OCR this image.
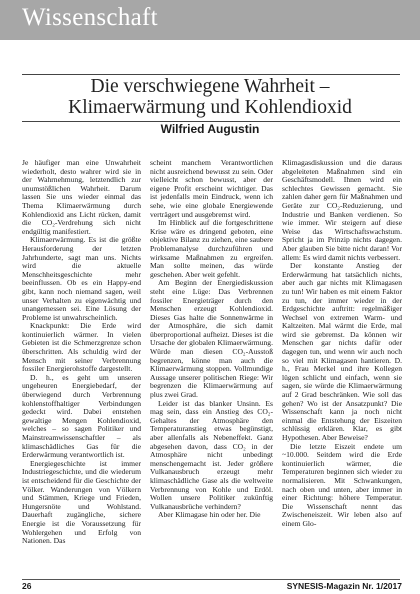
Wissenschaft
Die verschwiegene Wahrheit –
Klimaerwärmung und Kohlendioxid
Wilfried Augustin

Je häufiger man eine Unwahrheit wiederholt, desto wahrer wird sie in der Wahrnehmung, letztendlich zur unumstößlichen Wahrheit. Darum lassen Sie uns wieder einmal das Thema Klimaerwärmung durch Kohlendioxid ans Licht rücken, damit die CO₂-Verdrehung sich nicht endgültig manifestiert.

Klimaerwärmung. Es ist die größte Herausforderung der letzten Jahrhunderte, sagt man uns. Nichts wird die aktuelle Menschheitsgeschichte mehr beeinflussen. Ob es ein Happy-end gibt, kann noch niemand sagen, weil unser Verhalten zu eigenwächtig und unangemessen sei. Eine Lösung der Probleme ist unwahrscheinlich.

Knackpunkt: Die Erde wird kontinuierlich wärmer. In vielen Gebieten ist die Schmerzgrenze schon überschritten. Als schuldig wird der Mensch mit seiner Verbrennung fossiler Energierohstoffe dargestellt.

D. h., es geht um unseren ungeheuren Energiebedarf, der überwiegend durch Verbrennung kohlenstoffhaltiger Verbindungen gedeckt wird. Dabei entstehen gewaltige Mengen Kohlendioxid, welches – so sagen Politiker und Mainstreamwissenschaftler – als klimaschädliches Gas für die Erderwärmung verantwortlich ist.

Energiegeschichte ist immer Industriegeschichte, und die wiederum ist entscheidend für die Geschichte der Völker. Wanderungen von Völkern und Stämmen, Kriege und Frieden, Hungersnöte und Wohlstand. Dauerhaft zugängliche, sichere Energie ist die Voraussetzung für Wohlergehen und Erfolg von Nationen. Das

scheint manchem Verantwortlichen nicht ausreichend bewusst zu sein. Oder vielleicht schon bewusst, aber der eigene Profit erscheint wichtiger. Das ist jedenfalls mein Eindruck, wenn ich sehe, wie eine globale Energiewende verträgert und ausgebremst wird.

Im Hinblick auf die fortgeschrittene Krise wäre es dringend geboten, eine objektive Bilanz zu ziehen, eine saubere Problemanalyse durchzuführen und wirksame Maßnahmen zu ergreifen. Man sollte meinen, das würde geschehen. Aber weit gefehlt.

Am Beginn der Energiediskussion steht eine Lüge: Das Verbrennen fossiler Energieträger durch den Menschen erzeugt Kohlendioxid. Dieses Gas halte die Sonnenwärme in der Atmosphäre, die sich damit überproportional aufheizt. Dieses ist die Ursache der globalen Klimaerwärmung. Würde man diesen CO₂-Ausstoß begrenzen, könne man auch die Klimaerwärmung stoppen. Vollmundige Aussage unserer politischen Riege: Wir begrenzen die Klimaerwärmung auf plus zwei Grad.

Leider ist das blanker Unsinn. Es mag sein, dass ein Anstieg des CO₂-Gehaltes der Atmosphäre den Temperaturanstieg etwas begünstigt, aber allenfalls als Nebeneffekt. Ganz abgesehen davon, dass CO₂ in der Atmosphäre nicht unbedingt menschengemacht ist. Jeder größere Vulkanausbruch erzeugt mehr klimaschädliche Gase als die weltweite Verbrennung von Kohle und Erdöl. Wollen unsere Politiker zukünftig Vulkanausbrüche verhindern?

Aber Klimagase hin oder her. Die

Klimagasdiskussion und die daraus abgeleiteten Maßnahmen sind ein Geschäftsmodell. Ihnen wird ein schlechtes Gewissen gemacht. Sie zahlen daher gern für Maßnahmen und Geräte zur CO₂-Reduzierung, und Industrie und Banken verdienen. So wie immer. Wir steigern auf diese Weise das Wirtschaftswachstum. Spricht ja im Prinzip nichts dagegen. Aber glauben Sie bitte nicht daran! Vor allem: Es wird damit nichts verbessert.

Der konstante Anstieg der Erderwärmung hat tatsächlich nichts, aber auch gar nichts mit Klimagasen zu tun! Wir haben es mit einem Faktor zu tun, der immer wieder in der Erdgeschichte auftritt: regelmäßiger Wechsel von extremen Warm- und Kaltzeiten. Mal wärmt die Erde, mal wird sie gebremst. Da können wir Menschen gar nichts dafür oder dagegen tun, und wenn wir auch noch so viel mit Klimagasen hantieren. D. h., Frau Merkel und ihre Kollegen lügen schlicht und einfach, wenn sie sagen, sie würde die Klimaerwärmung auf 2 Grad beschränken. Wie soll das gehen? Wo ist der Ansatzpunkt? Die Wissenschaft kann ja noch nicht einmal die Entstehung der Eiszeiten schlüssig erklären. Klar, es gibt Hypothesen. Aber Beweise?

Die letzte Eiszeit endete um ~10.000. Seitdem wird die Erde kontinuierlich wärmer, die Temperaturen beginnen sich wieder zu normalisieren. Mit Schwankungen, nach oben und unten, aber immer in einer Richtung: höhere Temperatur. Die Wissenschaft nennt das Zwischeneiszeit. Wir leben also auf einem Glo-

26	SYNESIS-Magazin Nr. 1/2017
